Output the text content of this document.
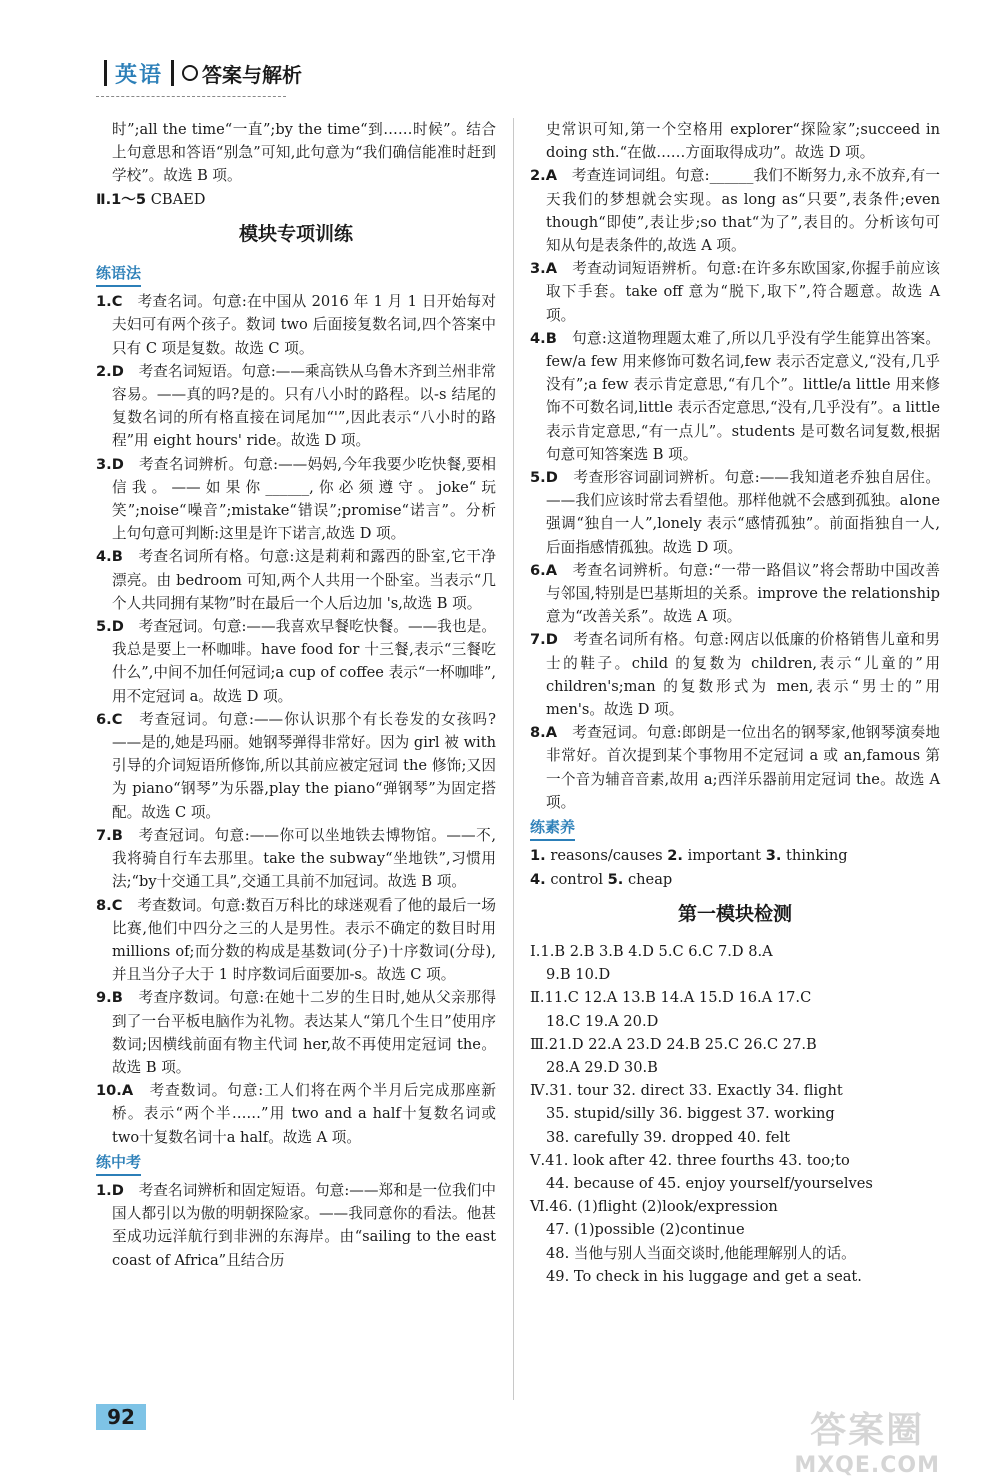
英语 答案与解析

时”;all the time“一直”;by the time“到……时候”。结合上句意思和答语“别急”可知,此句意为“我们确信能准时赶到学校”。故选 B 项。

Ⅱ.1～5 CBAED

模块专项训练
练语法

1.C　 考查名词。句意:在中国从 2016 年 1 月 1 日开始每对夫妇可有两个孩子。数词 two 后面接复数名词,四个答案中只有 C 项是复数。故选 C 项。

2.D　 考查名词短语。句意:——乘高铁从乌鲁木齐到兰州非常容易。——真的吗?是的。只有八小时的路程。以-s 结尾的复数名词的所有格直接在词尾加“'”,因此表示“八小时的路程”用 eight hours' ride。故选 D 项。

3.D　 考查名词辨析。句意:——妈妈,今年我要少吃快餐,要相信我。——如果你______,你必须遵守。joke“玩笑”;noise“噪音”;mistake“错误”;promise“诺言”。分析上句句意可判断:这里是许下诺言,故选 D 项。

4.B　 考查名词所有格。句意:这是莉莉和露西的卧室,它干净漂亮。由 bedroom 可知,两个人共用一个卧室。当表示“几个人共同拥有某物”时在最后一个人后边加 's,故选 B 项。

5.D　 考查冠词。句意:——我喜欢早餐吃快餐。——我也是。我总是要上一杯咖啡。have food for 十三餐,表示“三餐吃什么”,中间不加任何冠词;a cup of coffee 表示“一杯咖啡”,用不定冠词 a。故选 D 项。

6.C　 考查冠词。句意:——你认识那个有长卷发的女孩吗?——是的,她是玛丽。她钢琴弹得非常好。因为 girl 被 with 引导的介词短语所修饰,所以其前应被定冠词 the 修饰;又因为 piano“钢琴”为乐器,play the piano“弹钢琴”为固定搭配。故选 C 项。

7.B　 考查冠词。句意:——你可以坐地铁去博物馆。——不,我将骑自行车去那里。take the subway“坐地铁”,习惯用法;“by十交通工具”,交通工具前不加冠词。故选 B 项。

8.C　 考查数词。句意:数百万科比的球迷观看了他的最后一场比赛,他们中四分之三的人是男性。表示不确定的数目时用 millions of;而分数的构成是基数词(分子)十序数词(分母),并且当分子大于 1 时序数词后面要加-s。故选 C 项。

9.B　 考查序数词。句意:在她十二岁的生日时,她从父亲那得到了一台平板电脑作为礼物。表达某人“第几个生日”使用序数词;因横线前面有物主代词 her,故不再使用定冠词 the。故选 B 项。

10.A　 考查数词。句意:工人们将在两个半月后完成那座新桥。表示“两个半……”用 two and a half十复数名词或 two十复数名词十a half。故选 A 项。

练中考

1.D　 考查名词辨析和固定短语。句意:——郑和是一位我们中国人都引以为傲的明朝探险家。——我同意你的看法。他甚至成功远洋航行到非洲的东海岸。由“sailing to the east coast of Africa”且结合历

史常识可知,第一个空格用 explorer“探险家”;succeed in doing sth.“在做……方面取得成功”。故选 D 项。

2.A　 考查连词词组。句意:______我们不断努力,永不放弃,有一天我们的梦想就会实现。as long as“只要”,表条件;even though“即使”,表让步;so that“为了”,表目的。分析该句可知从句是表条件的,故选 A 项。

3.A　 考查动词短语辨析。句意:在许多东欧国家,你握手前应该取下手套。take off 意为“脱下,取下”,符合题意。故选 A 项。

4.B　 句意:这道物理题太难了,所以几乎没有学生能算出答案。few/a few 用来修饰可数名词,few 表示否定意义,“没有,几乎没有”;a few 表示肯定意思,“有几个”。little/a little 用来修饰不可数名词,little 表示否定意思,“没有,几乎没有”。a little 表示肯定意思,“有一点儿”。students 是可数名词复数,根据句意可知答案选 B 项。

5.D　 考查形容词副词辨析。句意:——我知道老乔独自居住。——我们应该时常去看望他。那样他就不会感到孤独。alone 强调“独自一人”,lonely 表示“感情孤独”。前面指独自一人,后面指感情孤独。故选 D 项。

6.A　 考查名词辨析。句意:“一带一路倡议”将会帮助中国改善与邻国,特别是巴基斯坦的关系。improve the relationship 意为“改善关系”。故选 A 项。

7.D　 考查名词所有格。句意:网店以低廉的价格销售儿童和男士的鞋子。child 的复数为 children,表示“儿童的”用 children's;man 的复数形式为 men,表示“男士的”用 men's。故选 D 项。

8.A　 考查冠词。句意:郎朗是一位出名的钢琴家,他钢琴演奏地非常好。首次提到某个事物用不定冠词 a 或 an,famous 第一个音为辅音音素,故用 a;西洋乐器前用定冠词 the。故选 A 项。

练素养

1. reasons/causes 2. important 3. thinking

4. control 5. cheap

第一模块检测

Ⅰ.1.B 2.B 3.B 4.D 5.C 6.C 7.D 8.A

9.B 10.D

Ⅱ.11.C 12.A 13.B 14.A 15.D 16.A 17.C

18.C 19.A 20.D

Ⅲ.21.D 22.A 23.D 24.B 25.C 26.C 27.B

28.A 29.D 30.B

Ⅳ.31. tour 32. direct 33. Exactly 34. flight

35. stupid/silly 36. biggest 37. working

38. carefully 39. dropped 40. felt

Ⅴ.41. look after 42. three fourths 43. too;to

44. because of 45. enjoy yourself/yourselves

Ⅵ.46. (1)flight (2)look/expression

47. (1)possible (2)continue

48. 当他与别人当面交谈时,他能理解别人的话。

49. To check in his luggage and get a seat.

92	答案圈
MXQE.COM
